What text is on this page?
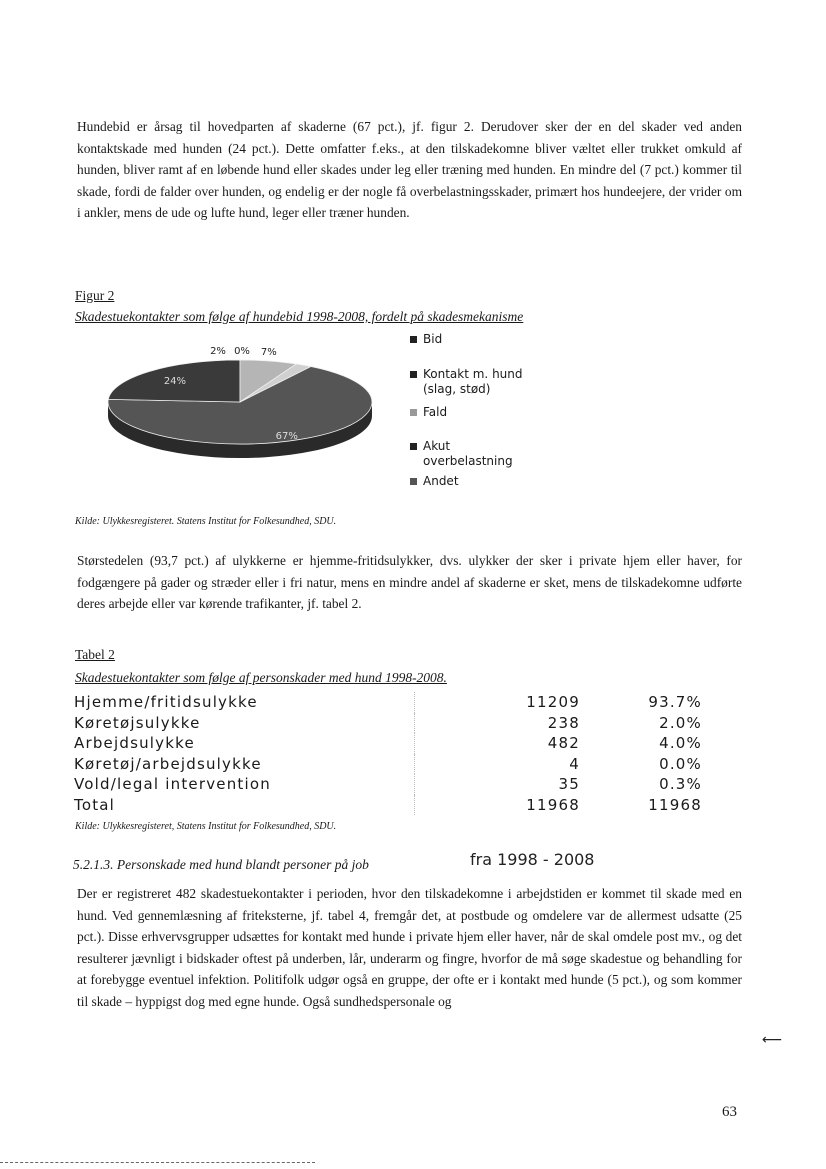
Hundebid er årsag til hovedparten af skaderne (67 pct.), jf. figur 2. Derudover sker der en del skader ved anden kontaktskade med hunden (24 pct.). Dette omfatter f.eks., at den tilskadekomne bliver væltet eller trukket omkuld af hunden, bliver ramt af en løbende hund eller skades under leg eller træning med hunden. En mindre del (7 pct.) kommer til skade, fordi de falder over hunden, og endelig er der nogle få overbelastningsskader, primært hos hundeejere, der vrider om i ankler, mens de ude og lufte hund, leger eller træner hunden.

Figur 2
Skadestuekontakter som følge af hundebid 1998-2008, fordelt på skadesmekanisme
67%
24%
7%
2% 0%
Bid
Kontakt m. hund (slag, stød)
Fald
Akut overbelastning
Andet
Kilde: Ulykkesregisteret. Statens Institut for Folkesundhed, SDU.

Størstedelen (93,7 pct.) af ulykkerne er hjemme-fritidsulykker, dvs. ulykker der sker i private hjem eller haver, for fodgængere på gader og stræder eller i fri natur, mens en mindre andel af skaderne er sket, mens de tilskadekomne udførte deres arbejde eller var kørende trafikanter, jf. tabel 2.

Tabel 2
Skadestuekontakter som følge af personskader med hund 1998-2008.
Hjemme/fritidsulykke	11209	93.7%
Køretøjsulykke	238	2.0%
Arbejdsulykke	482	4.0%
Køretøj/arbejdsulykke	4	0.0%
Vold/legal intervention	35	0.3%
Total	11968	11968
Kilde: Ulykkesregisteret, Statens Institut for Folkesundhed, SDU.
5.2.1.3. Personskade med hund blandt personer på job	fra 1998 - 2008

Der er registreret 482 skadestuekontakter i perioden, hvor den tilskadekomne i arbejdstiden er kommet til skade med en hund. Ved gennemlæsning af friteksterne, jf. tabel 4, fremgår det, at postbude og omdelere var de allermest udsatte (25 pct.). Disse erhvervsgrupper udsættes for kontakt med hunde i private hjem eller haver, når de skal omdele post mv., og det resulterer jævnligt i bidskader oftest på underben, lår, underarm og fingre, hvorfor de må søge skadestue og behandling for at forebygge eventuel infektion. Politifolk udgør også en gruppe, der ofte er i kontakt med hunde (5 pct.), og som kommer til skade – hyppigst dog med egne hunde. Også sundhedspersonale og

⟵
63
